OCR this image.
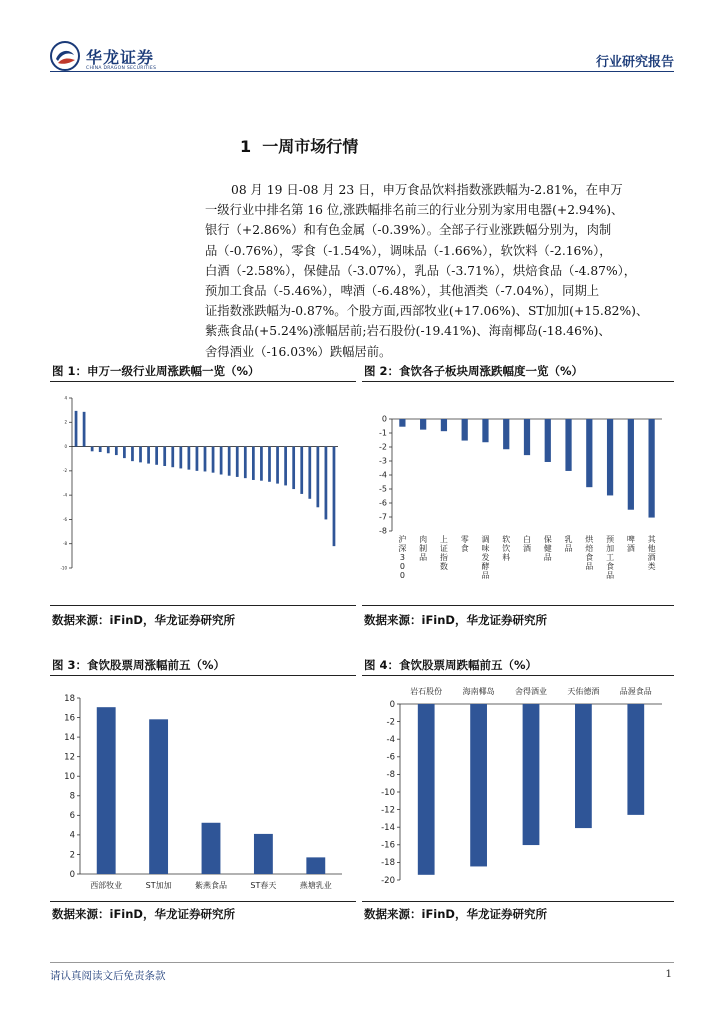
华龙证券
CHINA DRAGON SECURITIES	行业研究报告
1 一周市场行情
08 月 19 日-08 月 23 日，申万食品饮料指数涨跌幅为-2.81%，在申万
一级行业中排名第 16 位,涨跌幅排名前三的行业分别为家用电器(+2.94%)、
银行（+2.86%）和有色金属（-0.39%）。全部子行业涨跌幅分别为，肉制
品（-0.76%），零食（-1.54%），调味品（-1.66%），软饮料（-2.16%），
白酒（-2.58%），保健品（-3.07%），乳品（-3.71%），烘焙食品（-4.87%），
预加工食品（-5.46%），啤酒（-6.48%），其他酒类（-7.04%），同期上
证指数涨跌幅为-0.87%。个股方面,西部牧业(+17.06%)、ST加加(+15.82%)、
紫燕食品(+5.24%)涨幅居前;岩石股份(-19.41%)、海南椰岛(-18.46%)、
舍得酒业（-16.03%）跌幅居前。
图 1：申万一级行业周涨跌幅一览（%）	图 2：食饮各子板块周涨跌幅度一览（%）
4
2
0
-2
-4
-6
-8
-10
0
-1
-2
-3
-4
-5
-6
-7
-8
沪深 3 0 0
肉制品
上证指数
零食
调味发酵品
软饮料
白酒
保健品
乳品
烘焙食品
预加工食品
啤酒
其他酒类
数据来源：iFinD，华龙证券研究所	数据来源：iFinD，华龙证券研究所
图 3：食饮股票周涨幅前五（%）	图 4：食饮股票周跌幅前五（%）
0
2
4
6
8
10
12
14
16
18
西部牧业	ST加加	紫燕食品	ST春天	燕塘乳业
0
-2
-4
-6
-8
-10
-12
-14
-16
-18
-20
岩石股份	海南椰岛	舍得酒业	天佑德酒	品渥食品
数据来源：iFinD，华龙证券研究所	数据来源：iFinD，华龙证券研究所
请认真阅读文后免责条款	1
